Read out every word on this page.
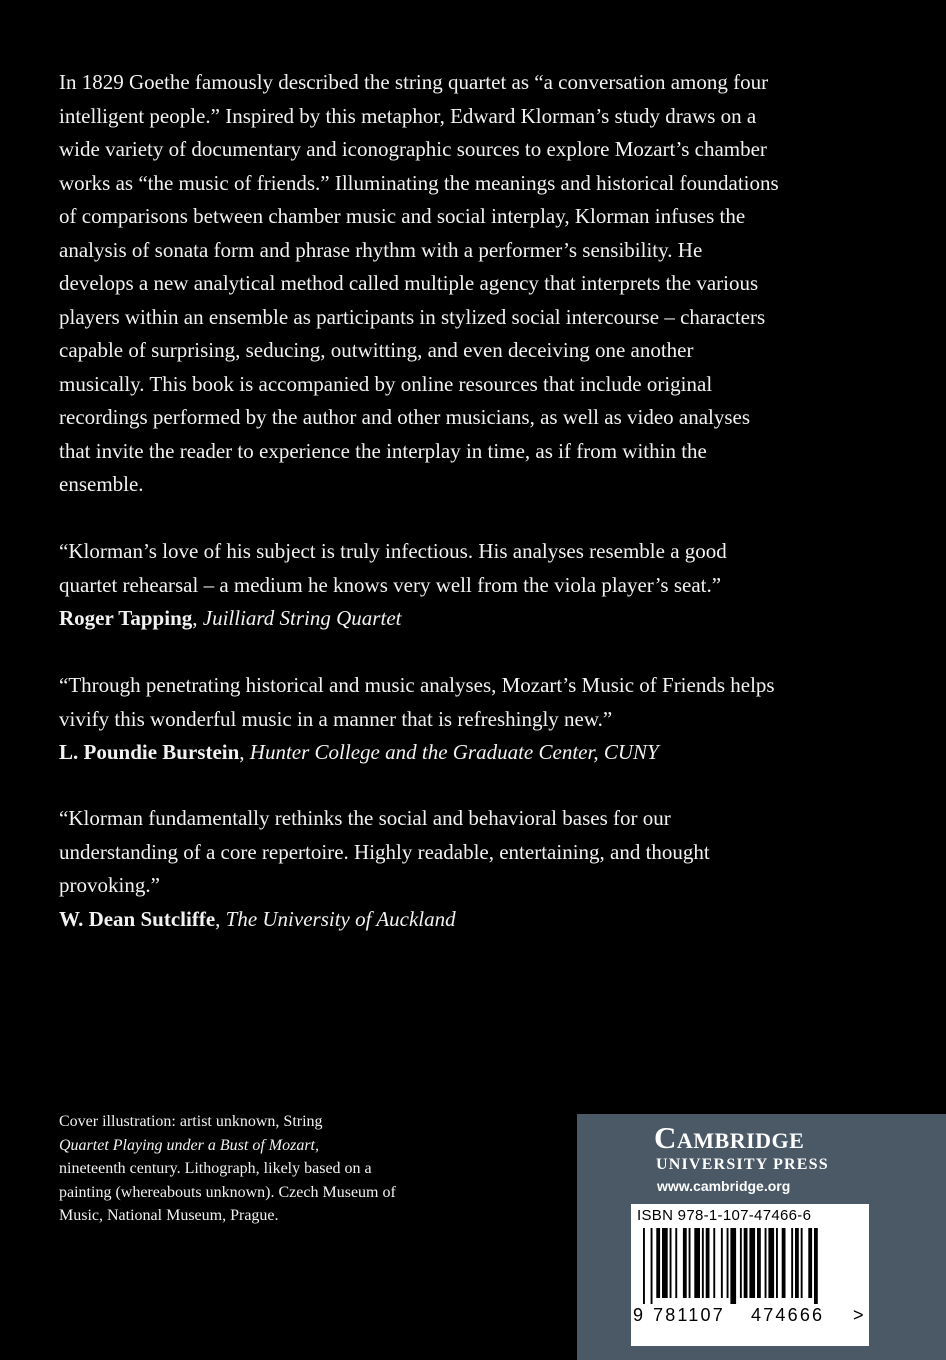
In 1829 Goethe famously described the string quartet as “a conversation among four intelligent people.” Inspired by this metaphor, Edward Klorman’s study draws on a wide variety of documentary and iconographic sources to explore Mozart’s chamber works as “the music of friends.” Illuminating the meanings and historical foundations of comparisons between chamber music and social interplay, Klorman infuses the analysis of sonata form and phrase rhythm with a performer’s sensibility. He develops a new analytical method called multiple agency that interprets the various players within an ensemble as participants in stylized social intercourse – characters capable of surprising, seducing, outwitting, and even deceiving one another musically. This book is accompanied by online resources that include original recordings performed by the author and other musicians, as well as video analyses that invite the reader to experience the interplay in time, as if from within the ensemble.

“Klorman’s love of his subject is truly infectious. His analyses resemble a good quartet rehearsal – a medium he knows very well from the viola player’s seat.”

Roger Tapping, Juilliard String Quartet

“Through penetrating historical and music analyses, Mozart’s Music of Friends helps vivify this wonderful music in a manner that is refreshingly new.”

L. Poundie Burstein, Hunter College and the Graduate Center, CUNY

“Klorman fundamentally rethinks the social and behavioral bases for our understanding of a core repertoire. Highly readable, entertaining, and thought provoking.”

W. Dean Sutcliffe, The University of Auckland

Cover illustration: artist unknown, String
Quartet Playing under a Bust of Mozart,
nineteenth century. Lithograph, likely based on a painting (whereabouts unknown). Czech Museum of Music, National Museum, Prague.
Cambridge
UNIVERSITY PRESS
www.cambridge.org
ISBN 978-1-107-47466-6
9 781107 474666 >
